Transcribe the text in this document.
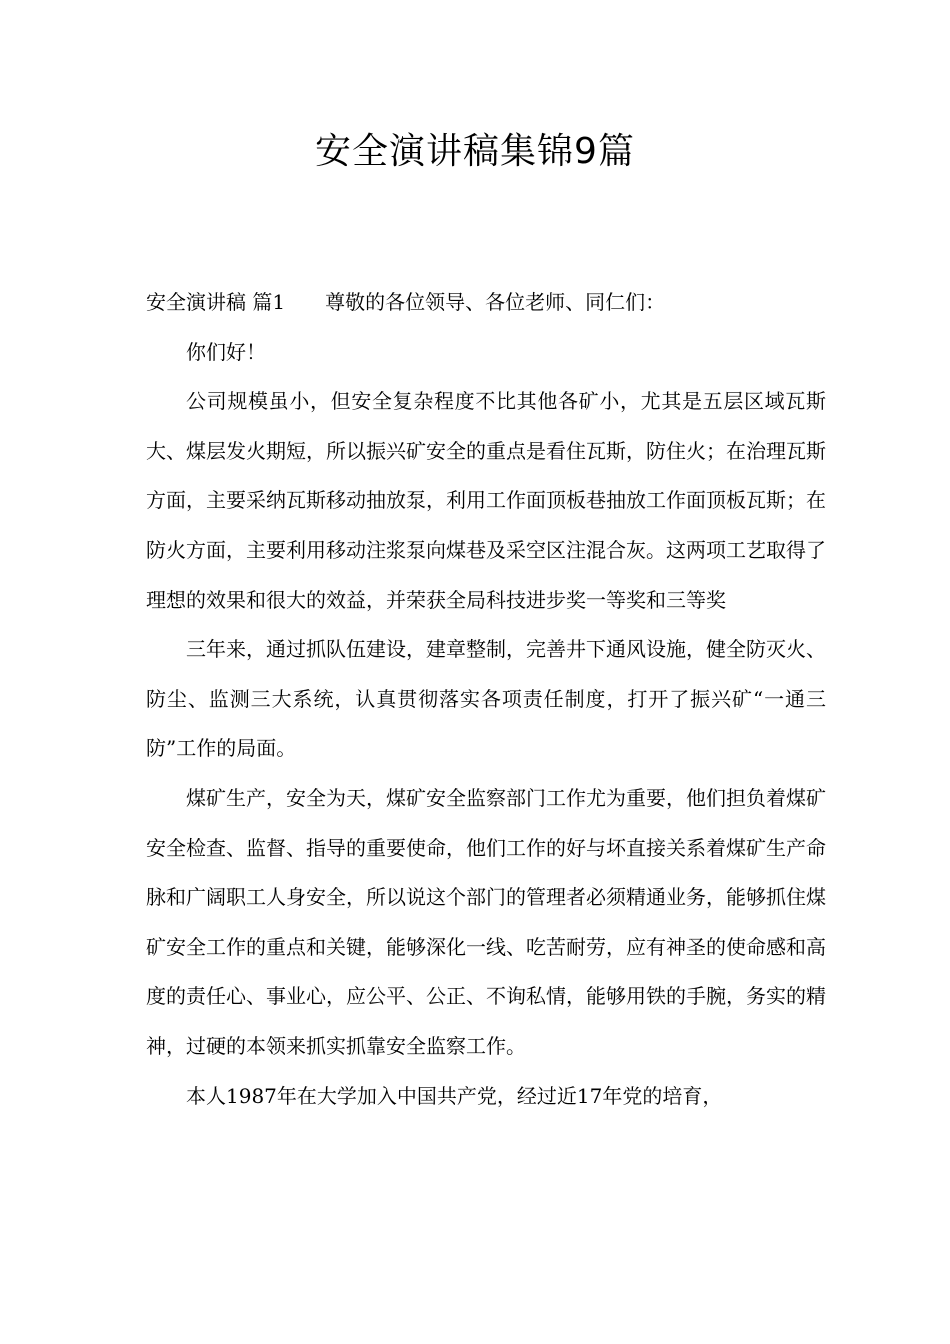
安全演讲稿集锦9篇

安全演讲稿 篇1 尊敬的各位领导、各位老师、同仁们：

你们好！

公司规模虽小，但安全复杂程度不比其他各矿小，尤其是五层区域瓦斯大、煤层发火期短，所以振兴矿安全的重点是看住瓦斯，防住火；在治理瓦斯方面，主要采纳瓦斯移动抽放泵，利用工作面顶板巷抽放工作面顶板瓦斯；在防火方面，主要利用移动注浆泵向煤巷及采空区注混合灰。这两项工艺取得了理想的效果和很大的效益，并荣获全局科技进步奖一等奖和三等奖

三年来，通过抓队伍建设，建章整制，完善井下通风设施，健全防灭火、防尘、监测三大系统，认真贯彻落实各项责任制度，打开了振兴矿“一通三防”工作的局面。

煤矿生产，安全为天，煤矿安全监察部门工作尤为重要，他们担负着煤矿安全检查、监督、指导的重要使命，他们工作的好与坏直接关系着煤矿生产命脉和广阔职工人身安全，所以说这个部门的管理者必须精通业务，能够抓住煤矿安全工作的重点和关键，能够深化一线、吃苦耐劳，应有神圣的使命感和高度的责任心、事业心，应公平、公正、不询私情，能够用铁的手腕，务实的精神，过硬的本领来抓实抓靠安全监察工作。

本人1987年在大学加入中国共产党，经过近17年党的培育，
